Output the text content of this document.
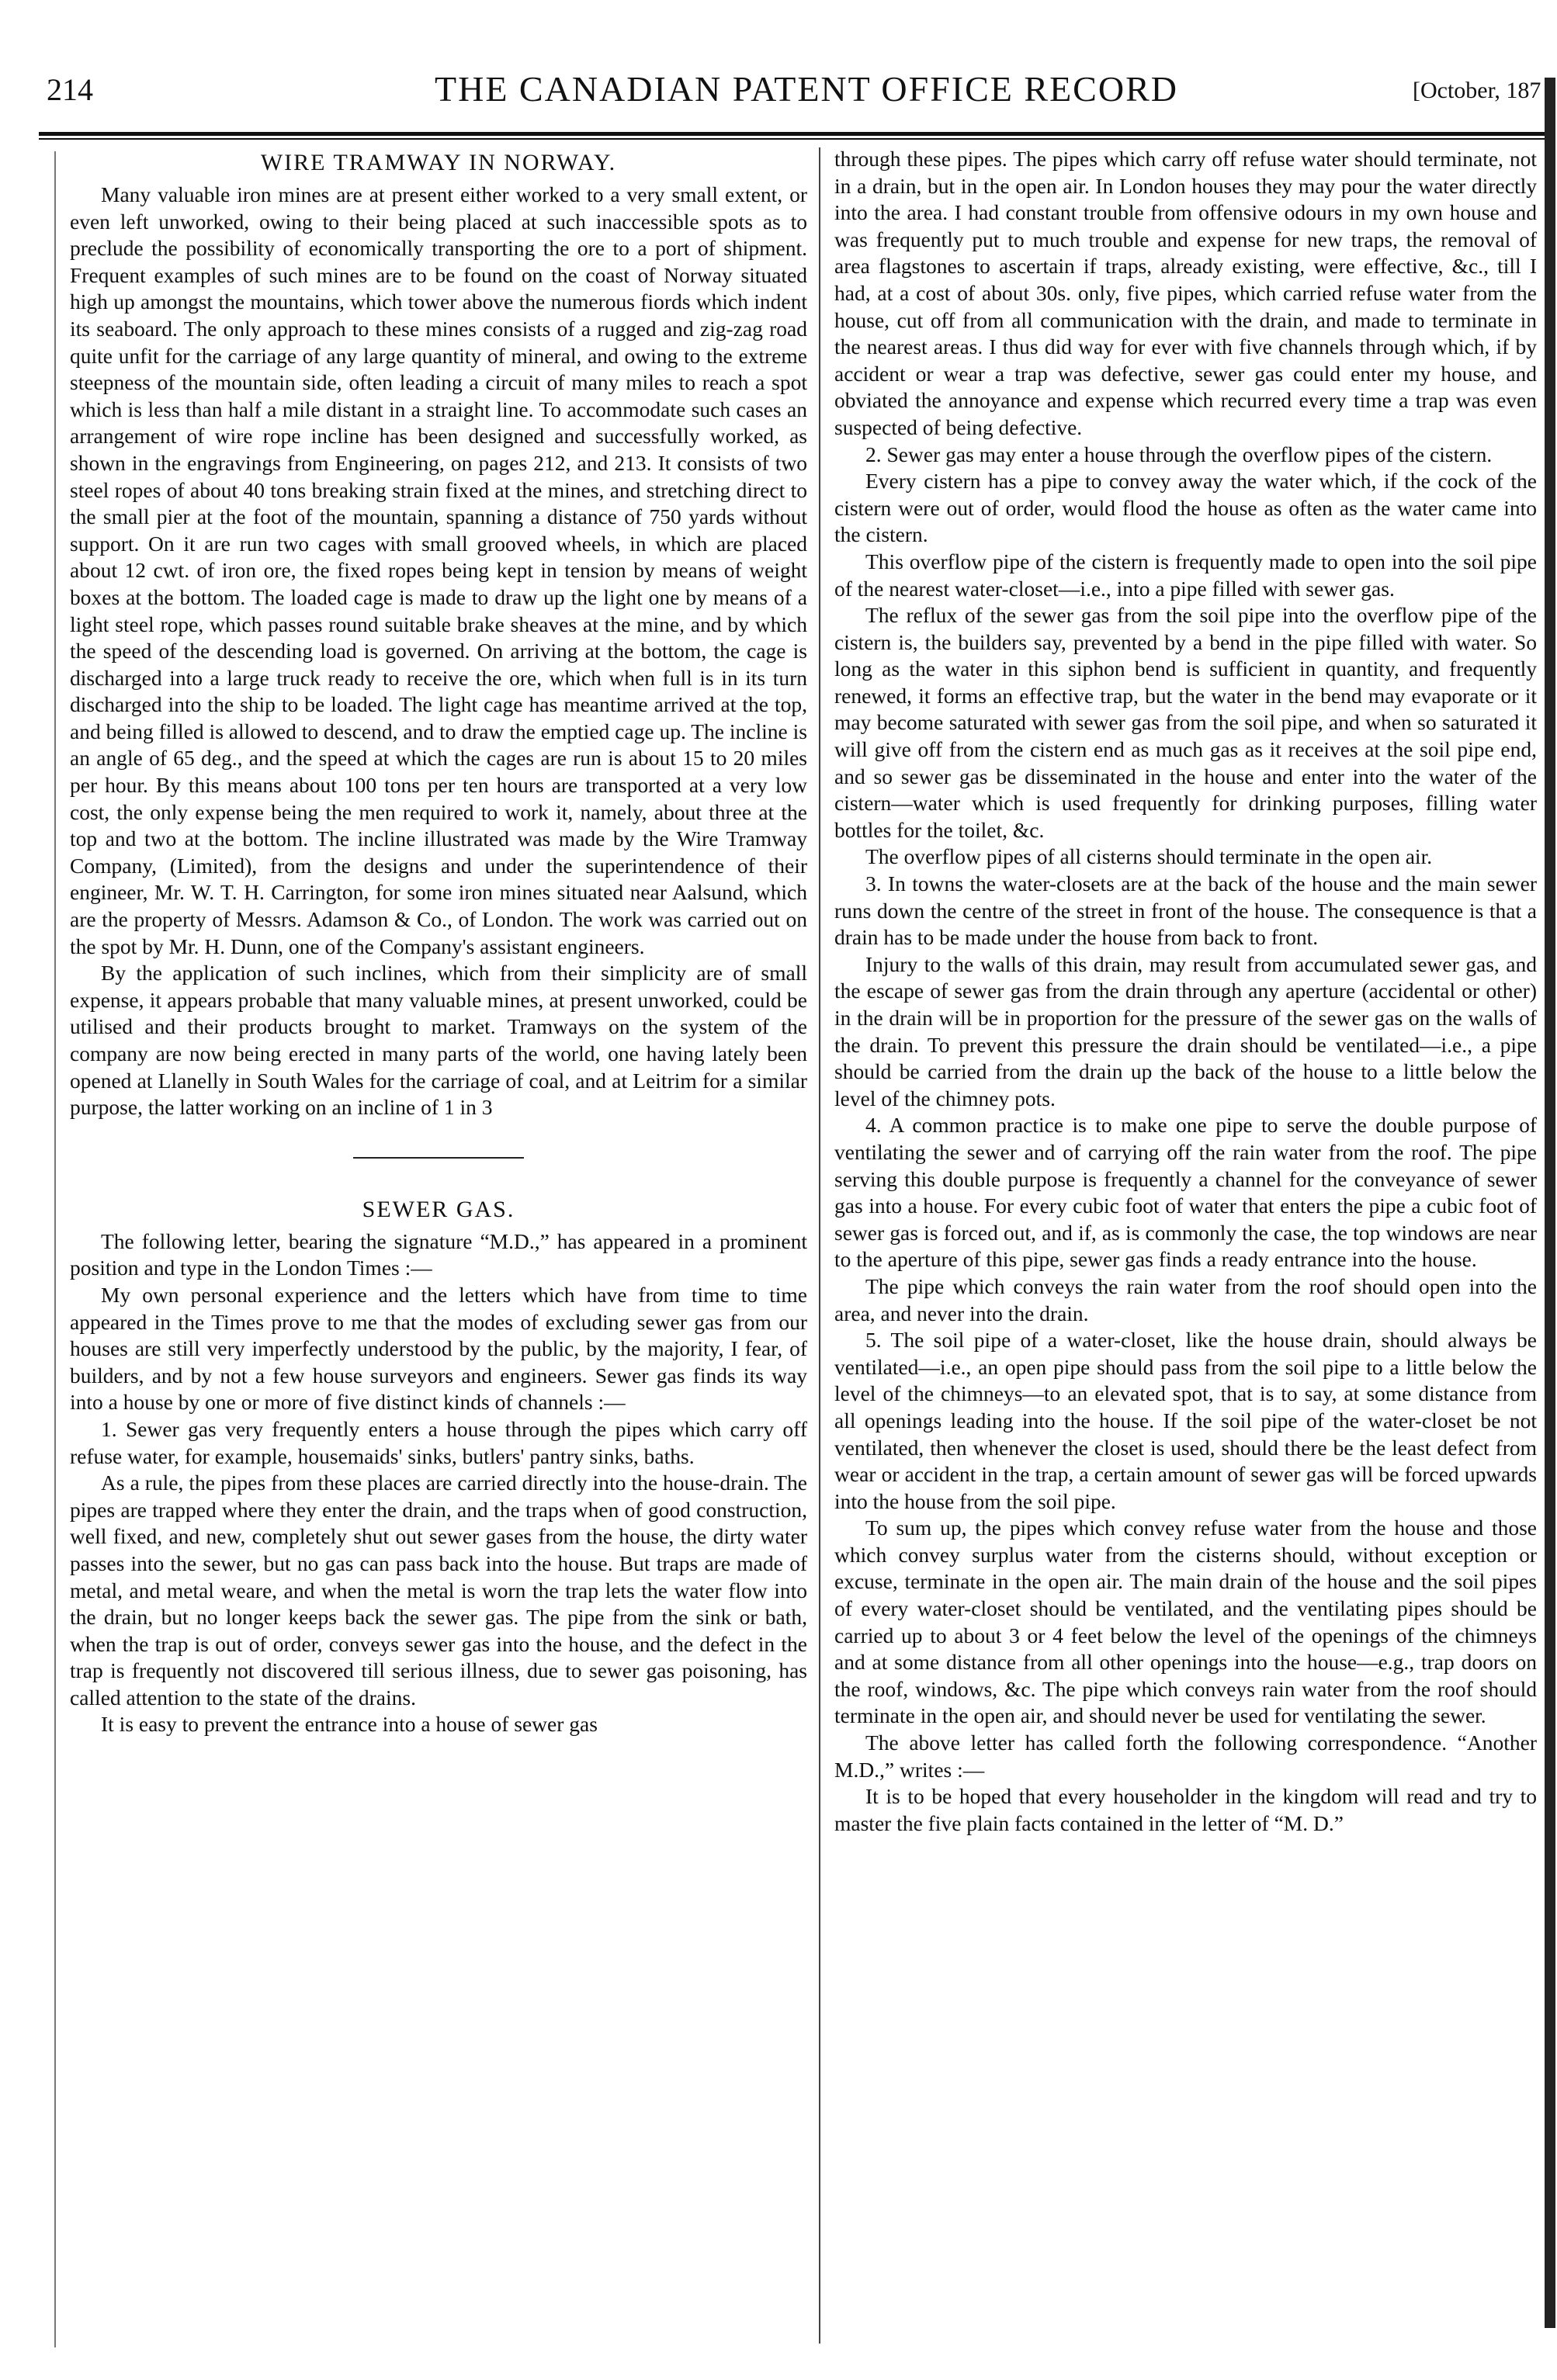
214	THE CANADIAN PATENT OFFICE RECORD	[October, 187
WIRE TRAMWAY IN NORWAY.

Many valuable iron mines are at present either worked to a very small extent, or even left unworked, owing to their being placed at such inaccessible spots as to preclude the possibility of economically transporting the ore to a port of shipment. Frequent examples of such mines are to be found on the coast of Norway situated high up amongst the mountains, which tower above the numerous fiords which indent its seaboard. The only approach to these mines consists of a rugged and zig-zag road quite unfit for the carriage of any large quantity of mineral, and owing to the extreme steepness of the mountain side, often leading a circuit of many miles to reach a spot which is less than half a mile distant in a straight line. To accommodate such cases an arrangement of wire rope incline has been designed and successfully worked, as shown in the engravings from Engineering, on pages 212, and 213. It consists of two steel ropes of about 40 tons breaking strain fixed at the mines, and stretching direct to the small pier at the foot of the mountain, spanning a distance of 750 yards without support. On it are run two cages with small grooved wheels, in which are placed about 12 cwt. of iron ore, the fixed ropes being kept in tension by means of weight boxes at the bottom. The loaded cage is made to draw up the light one by means of a light steel rope, which passes round suitable brake sheaves at the mine, and by which the speed of the descending load is governed. On arriving at the bottom, the cage is discharged into a large truck ready to receive the ore, which when full is in its turn discharged into the ship to be loaded. The light cage has meantime arrived at the top, and being filled is allowed to descend, and to draw the emptied cage up. The incline is an angle of 65 deg., and the speed at which the cages are run is about 15 to 20 miles per hour. By this means about 100 tons per ten hours are transported at a very low cost, the only expense being the men required to work it, namely, about three at the top and two at the bottom. The incline illustrated was made by the Wire Tramway Company, (Limited), from the designs and under the superintendence of their engineer, Mr. W. T. H. Carrington, for some iron mines situated near Aalsund, which are the property of Messrs. Adamson & Co., of London. The work was carried out on the spot by Mr. H. Dunn, one of the Company's assistant engineers.

By the application of such inclines, which from their simplicity are of small expense, it appears probable that many valuable mines, at present unworked, could be utilised and their products brought to market. Tramways on the system of the company are now being erected in many parts of the world, one having lately been opened at Llanelly in South Wales for the carriage of coal, and at Leitrim for a similar purpose, the latter working on an incline of 1 in 3

SEWER GAS.

The following letter, bearing the signature “M.D.,” has appeared in a prominent position and type in the London Times :—

My own personal experience and the letters which have from time to time appeared in the Times prove to me that the modes of excluding sewer gas from our houses are still very imperfectly understood by the public, by the majority, I fear, of builders, and by not a few house surveyors and engineers. Sewer gas finds its way into a house by one or more of five distinct kinds of channels :—

1. Sewer gas very frequently enters a house through the pipes which carry off refuse water, for example, housemaids' sinks, butlers' pantry sinks, baths.

As a rule, the pipes from these places are carried directly into the house-drain. The pipes are trapped where they enter the drain, and the traps when of good construction, well fixed, and new, completely shut out sewer gases from the house, the dirty water passes into the sewer, but no gas can pass back into the house. But traps are made of metal, and metal weare, and when the metal is worn the trap lets the water flow into the drain, but no longer keeps back the sewer gas. The pipe from the sink or bath, when the trap is out of order, conveys sewer gas into the house, and the defect in the trap is frequently not discovered till serious illness, due to sewer gas poisoning, has called attention to the state of the drains.

It is easy to prevent the entrance into a house of sewer gas

through these pipes. The pipes which carry off refuse water should terminate, not in a drain, but in the open air. In London houses they may pour the water directly into the area. I had constant trouble from offensive odours in my own house and was frequently put to much trouble and expense for new traps, the removal of area flagstones to ascertain if traps, already existing, were effective, &c., till I had, at a cost of about 30s. only, five pipes, which carried refuse water from the house, cut off from all communication with the drain, and made to terminate in the nearest areas. I thus did way for ever with five channels through which, if by accident or wear a trap was defective, sewer gas could enter my house, and obviated the annoyance and expense which recurred every time a trap was even suspected of being defective.

2. Sewer gas may enter a house through the overflow pipes of the cistern.

Every cistern has a pipe to convey away the water which, if the cock of the cistern were out of order, would flood the house as often as the water came into the cistern.

This overflow pipe of the cistern is frequently made to open into the soil pipe of the nearest water-closet—i.e., into a pipe filled with sewer gas.

The reflux of the sewer gas from the soil pipe into the overflow pipe of the cistern is, the builders say, prevented by a bend in the pipe filled with water. So long as the water in this siphon bend is sufficient in quantity, and frequently renewed, it forms an effective trap, but the water in the bend may evaporate or it may become saturated with sewer gas from the soil pipe, and when so saturated it will give off from the cistern end as much gas as it receives at the soil pipe end, and so sewer gas be disseminated in the house and enter into the water of the cistern—water which is used frequently for drinking purposes, filling water bottles for the toilet, &c.

The overflow pipes of all cisterns should terminate in the open air.

3. In towns the water-closets are at the back of the house and the main sewer runs down the centre of the street in front of the house. The consequence is that a drain has to be made under the house from back to front.

Injury to the walls of this drain, may result from accumulated sewer gas, and the escape of sewer gas from the drain through any aperture (accidental or other) in the drain will be in proportion for the pressure of the sewer gas on the walls of the drain. To prevent this pressure the drain should be ventilated—i.e., a pipe should be carried from the drain up the back of the house to a little below the level of the chimney pots.

4. A common practice is to make one pipe to serve the double purpose of ventilating the sewer and of carrying off the rain water from the roof. The pipe serving this double purpose is frequently a channel for the conveyance of sewer gas into a house. For every cubic foot of water that enters the pipe a cubic foot of sewer gas is forced out, and if, as is commonly the case, the top windows are near to the aperture of this pipe, sewer gas finds a ready entrance into the house.

The pipe which conveys the rain water from the roof should open into the area, and never into the drain.

5. The soil pipe of a water-closet, like the house drain, should always be ventilated—i.e., an open pipe should pass from the soil pipe to a little below the level of the chimneys—to an elevated spot, that is to say, at some distance from all openings leading into the house. If the soil pipe of the water-closet be not ventilated, then whenever the closet is used, should there be the least defect from wear or accident in the trap, a certain amount of sewer gas will be forced upwards into the house from the soil pipe.

To sum up, the pipes which convey refuse water from the house and those which convey surplus water from the cisterns should, without exception or excuse, terminate in the open air. The main drain of the house and the soil pipes of every water-closet should be ventilated, and the ventilating pipes should be carried up to about 3 or 4 feet below the level of the openings of the chimneys and at some distance from all other openings into the house—e.g., trap doors on the roof, windows, &c. The pipe which conveys rain water from the roof should terminate in the open air, and should never be used for ventilating the sewer.

The above letter has called forth the following correspondence. “Another M.D.,” writes :—

It is to be hoped that every householder in the kingdom will read and try to master the five plain facts contained in the letter of “M. D.”
